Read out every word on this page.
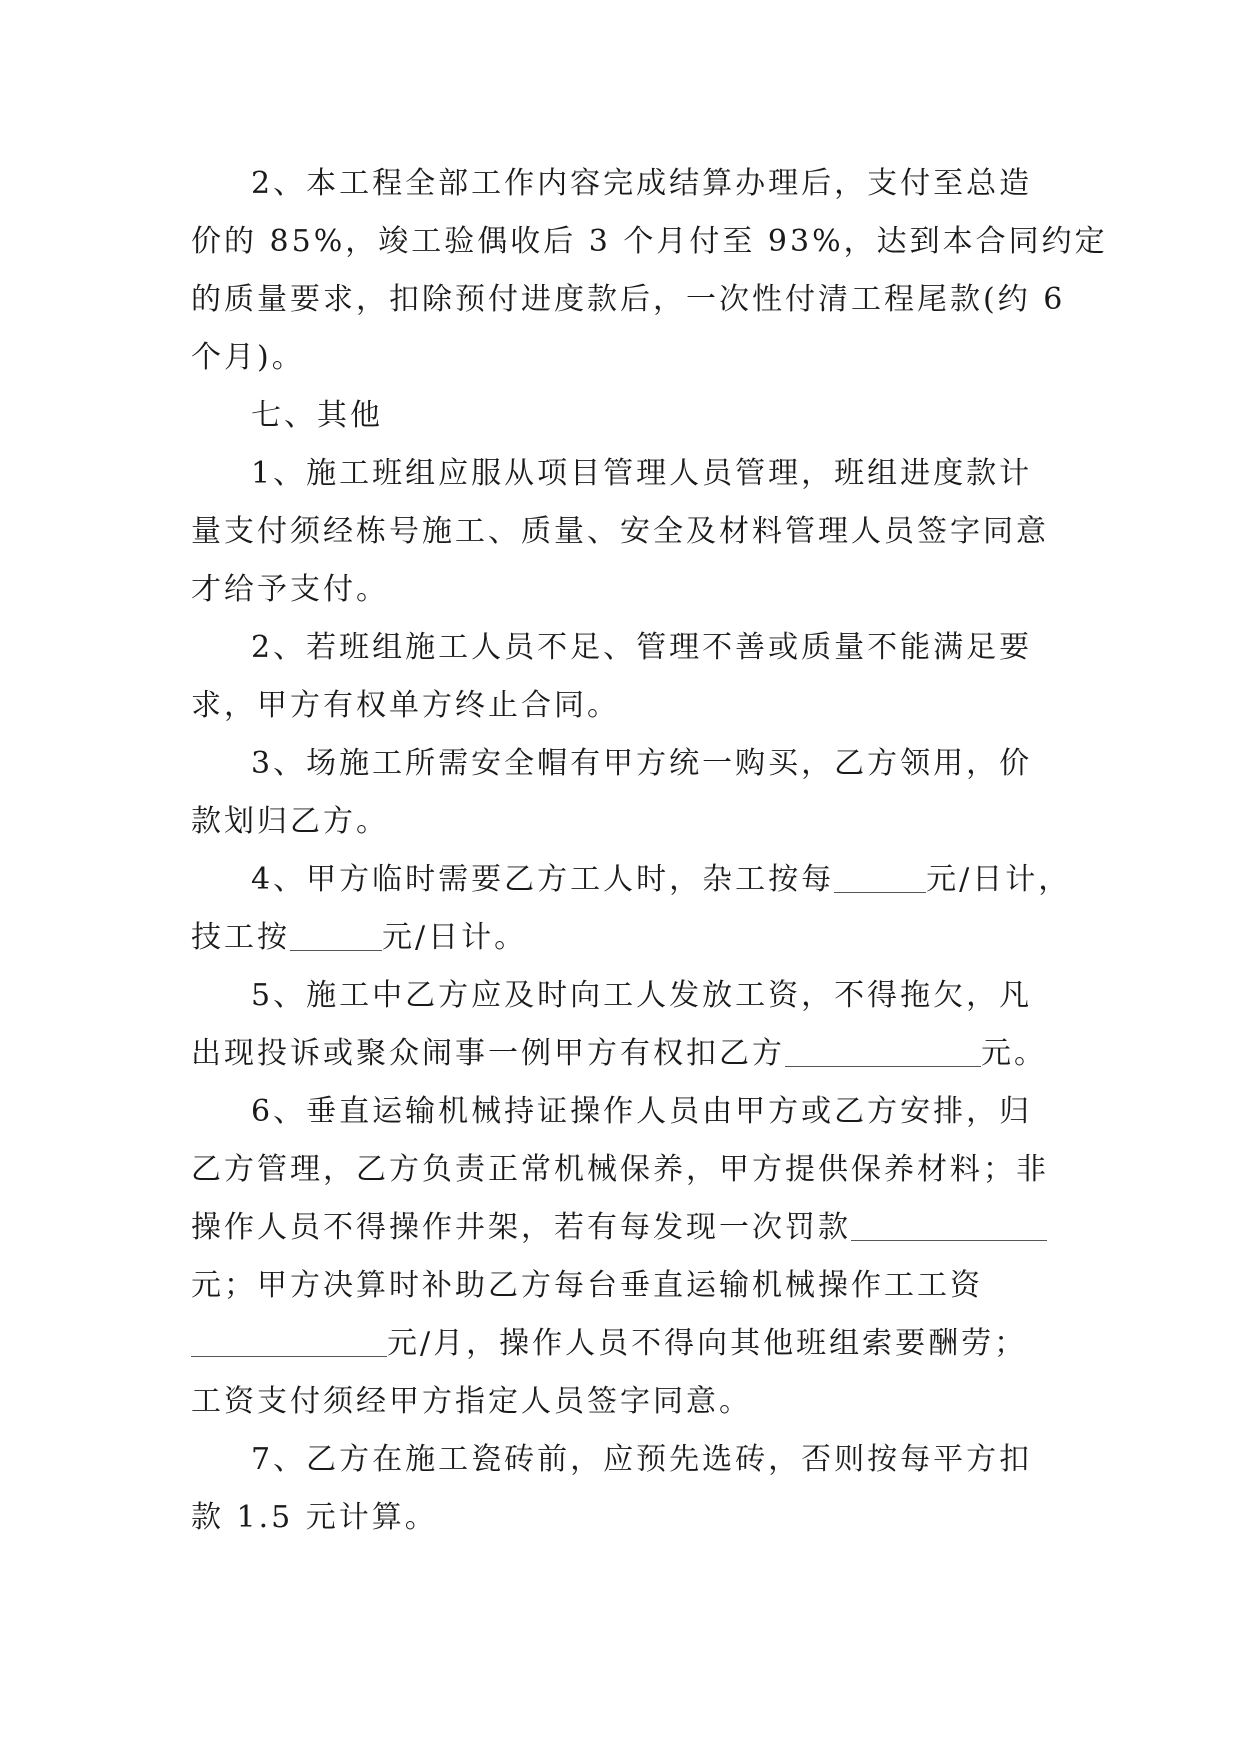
2、本工程全部工作内容完成结算办理后，支付至总造
价的 85%，竣工验偶收后 3 个月付至 93%，达到本合同约定
的质量要求，扣除预付进度款后，一次性付清工程尾款(约 6
个月)。

七、其他

1、施工班组应服从项目管理人员管理，班组进度款计
量支付须经栋号施工、质量、安全及材料管理人员签字同意
才给予支付。

2、若班组施工人员不足、管理不善或质量不能满足要
求，甲方有权单方终止合同。

3、场施工所需安全帽有甲方统一购买，乙方领用，价
款划归乙方。

4、甲方临时需要乙方工人时，杂工按每	元/日计，
技工按	元/日计。

5、施工中乙方应及时向工人发放工资，不得拖欠，凡
出现投诉或聚众闹事一例甲方有权扣乙方	元。

6、垂直运输机械持证操作人员由甲方或乙方安排，归
乙方管理，乙方负责正常机械保养，甲方提供保养材料；非
操作人员不得操作井架，若有每发现一次罚款
元；甲方决算时补助乙方每台垂直运输机械操作工工资
元/月，操作人员不得向其他班组索要酬劳；
工资支付须经甲方指定人员签字同意。

7、乙方在施工瓷砖前，应预先选砖，否则按每平方扣
款 1.5 元计算。
